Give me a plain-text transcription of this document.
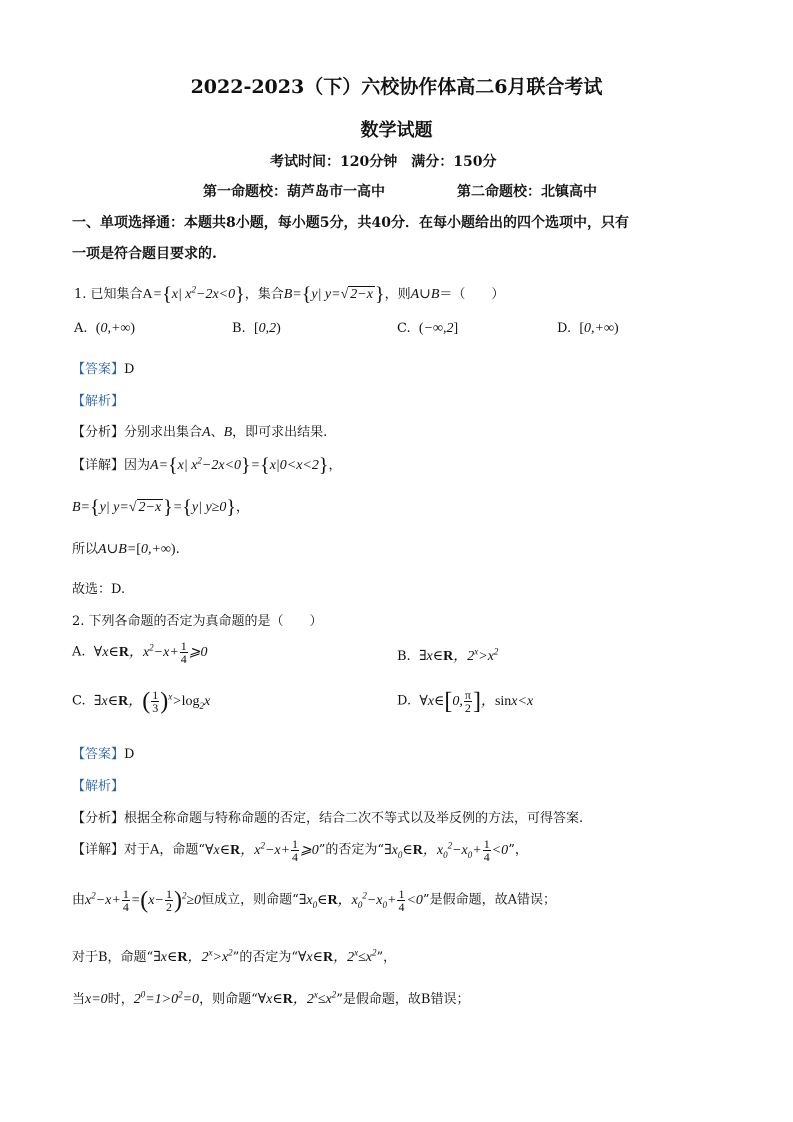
2022-2023（下）六校协作体高二6月联合考试
数学试题
考试时间：120分钟　满分：150分
第一命题校：葫芦岛市一高中	第二命题校：北镇高中
一、单项选择通：本题共8小题，每小题5分，共40分．在每小题给出的四个选项中，只有
一项是符合题目要求的.
1. 已知集合A={x| $x^2-2x<0$}，集合B={y| y=√ 2−x }，则A∪B＝（　　）
A. (0,+∞)	B. [0,2)	C. (−∞,2]	D. [0,+∞)
【答案】D
【解析】
【分析】分别求出集合A、B，即可求出结果.
【详解】因为A={x| $x^2-2x<0\}=\{x|0<x<2\}$，
B={y| y=√ 2−x }={y| y≥0}，
所以A∪B=[0,+∞).
故选：D.
2. 下列各命题的否定为真命题的是（　　）
A. ∀x∈R，$x^2-x+ \frac{1}{4}$ ⩾0	B. ∃x∈R，$2^x>x^2$
C. ∃x∈R，( $\frac{1}{3} )^x>\log_2x$	D. ∀x∈[0, $\frac{\pi}{2}$ ]，sinx<x
【答案】D
【解析】
【分析】根据全称命题与特称命题的否定，结合二次不等式以及举反例的方法，可得答案.
【详解】对于A，命题“∀x∈R，$x^2-x+ \frac{1}{4}$ ⩾0”的否定为“$\exists x_0\in R$，$x_0^2-x_0+ \frac{1}{4} <0$”，
由$x^2-x+ \frac{1}{4} =(x- \frac{1}{2} )^2\ge 0$恒成立，则命题“$\exists x_0\in R$，$x_0^2-x_0+ \frac{1}{4} <0$”是假命题，故A错误；
对于B，命题“∃x∈R，$2^x>x^2$”的否定为“∀x∈R，$2^x\le x^2$”，
当x=0时，$2^0=1>0^2=0$，则命题“∀x∈R，$2^x\le x^2$”是假命题，故B错误；
